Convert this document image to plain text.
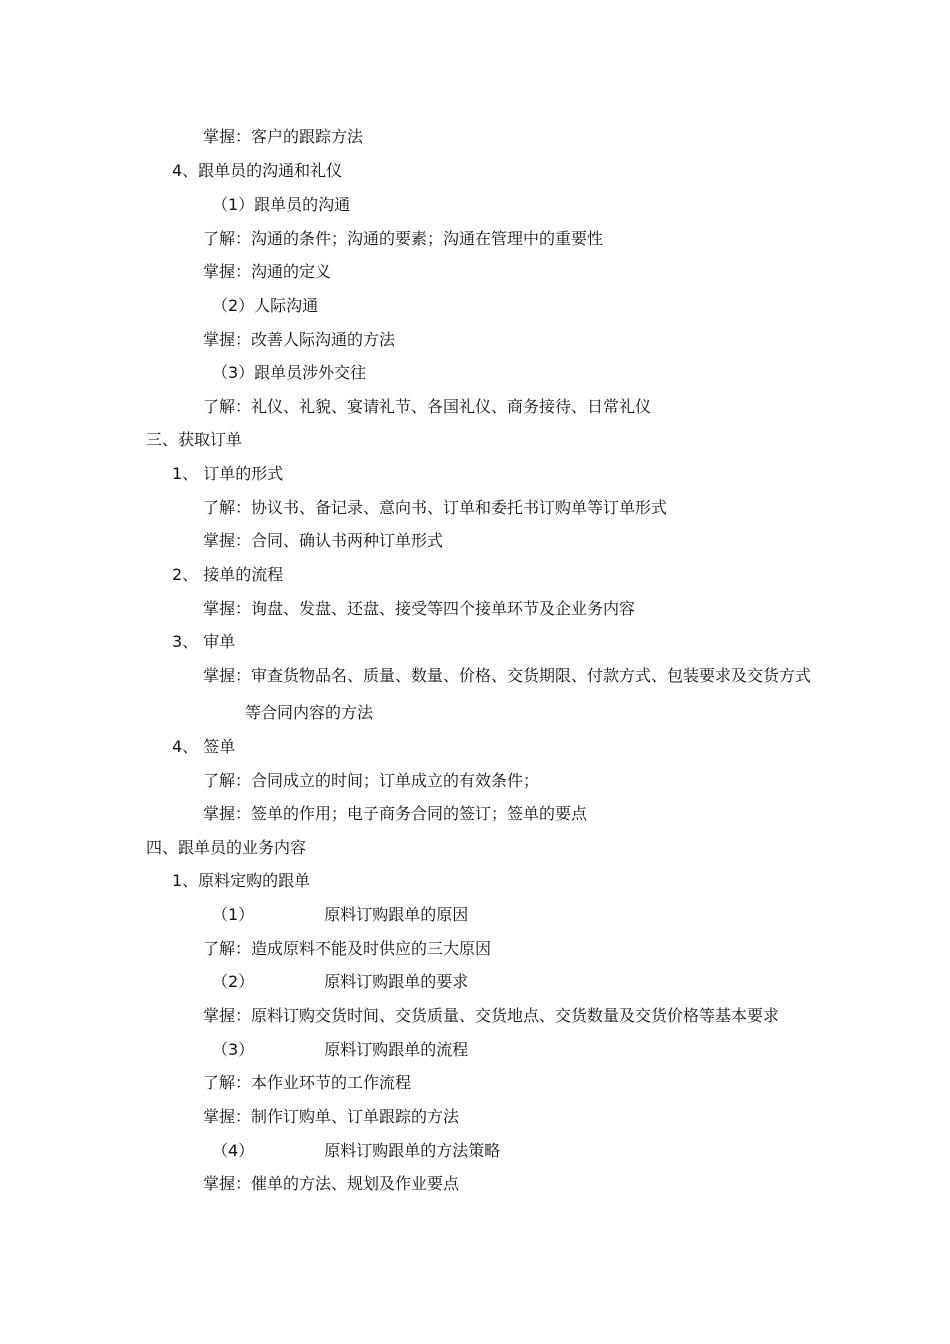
掌握：客户的跟踪方法
4、跟单员的沟通和礼仪
（1）跟单员的沟通
了解：沟通的条件；沟通的要素；沟通在管理中的重要性
掌握：沟通的定义
（2）人际沟通
掌握：改善人际沟通的方法
（3）跟单员涉外交往
了解：礼仪、礼貌、宴请礼节、各国礼仪、商务接待、日常礼仪
三、获取订单
1、 订单的形式
了解：协议书、备记录、意向书、订单和委托书订购单等订单形式
掌握：合同、确认书两种订单形式
2、 接单的流程
掌握：询盘、发盘、还盘、接受等四个接单环节及企业务内容
3、 审单
掌握：审查货物品名、质量、数量、价格、交货期限、付款方式、包装要求及交货方式
等合同内容的方法
4、 签单
了解：合同成立的时间；订单成立的有效条件；
掌握：签单的作用；电子商务合同的签订；签单的要点
四、跟单员的业务内容
1、原料定购的跟单
（1）	原料订购跟单的原因
了解：造成原料不能及时供应的三大原因
（2）	原料订购跟单的要求
掌握：原料订购交货时间、交货质量、交货地点、交货数量及交货价格等基本要求
（3）	原料订购跟单的流程
了解：本作业环节的工作流程
掌握：制作订购单、订单跟踪的方法
（4）	原料订购跟单的方法策略
掌握：催单的方法、规划及作业要点
